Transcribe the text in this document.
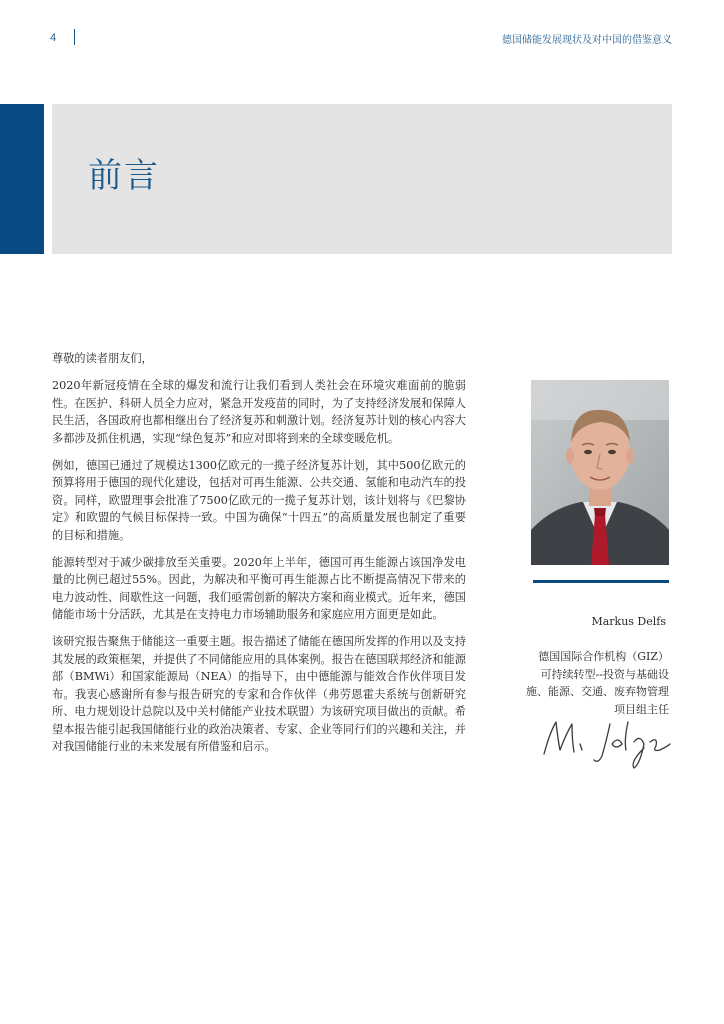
4	德国储能发展现状及对中国的借鉴意义
前言

尊敬的读者朋友们，

2020年新冠疫情在全球的爆发和流行让我们看到人类社会在环境灾难面前的脆弱性。在医护、科研人员全力应对，紧急开发疫苗的同时，为了支持经济发展和保障人民生活，各国政府也都相继出台了经济复苏和刺激计划。经济复苏计划的核心内容大多都涉及抓住机遇，实现“绿色复苏”和应对即将到来的全球变暖危机。

例如，德国已通过了规模达1300亿欧元的一揽子经济复苏计划，其中500亿欧元的预算将用于德国的现代化建设，包括对可再生能源、公共交通、氢能和电动汽车的投资。同样，欧盟理事会批准了7500亿欧元的一揽子复苏计划，该计划将与《巴黎协定》和欧盟的气候目标保持一致。中国为确保“十四五”的高质量发展也制定了重要的目标和措施。

能源转型对于减少碳排放至关重要。2020年上半年，德国可再生能源占该国净发电量的比例已超过55%。因此，为解决和平衡可再生能源占比不断提高情况下带来的电力波动性、间歇性这一问题，我们亟需创新的解决方案和商业模式。近年来，德国储能市场十分活跃，尤其是在支持电力市场辅助服务和家庭应用方面更是如此。

该研究报告聚焦于储能这一重要主题。报告描述了储能在德国所发挥的作用以及支持其发展的政策框架，并提供了不同储能应用的具体案例。报告在德国联邦经济和能源部（BMWi）和国家能源局（NEA）的指导下，由中德能源与能效合作伙伴项目发布。我衷心感谢所有参与报告研究的专家和合作伙伴（弗劳恩霍夫系统与创新研究所、电力规划设计总院以及中关村储能产业技术联盟）为该研究项目做出的贡献。希望本报告能引起我国储能行业的政治决策者、专家、企业等同行们的兴趣和关注，并对我国储能行业的未来发展有所借鉴和启示。

Markus Delfs
德国国际合作机构（GIZ）
可持续转型--投资与基础设
施、能源、交通、废弃物管理
项目组主任
